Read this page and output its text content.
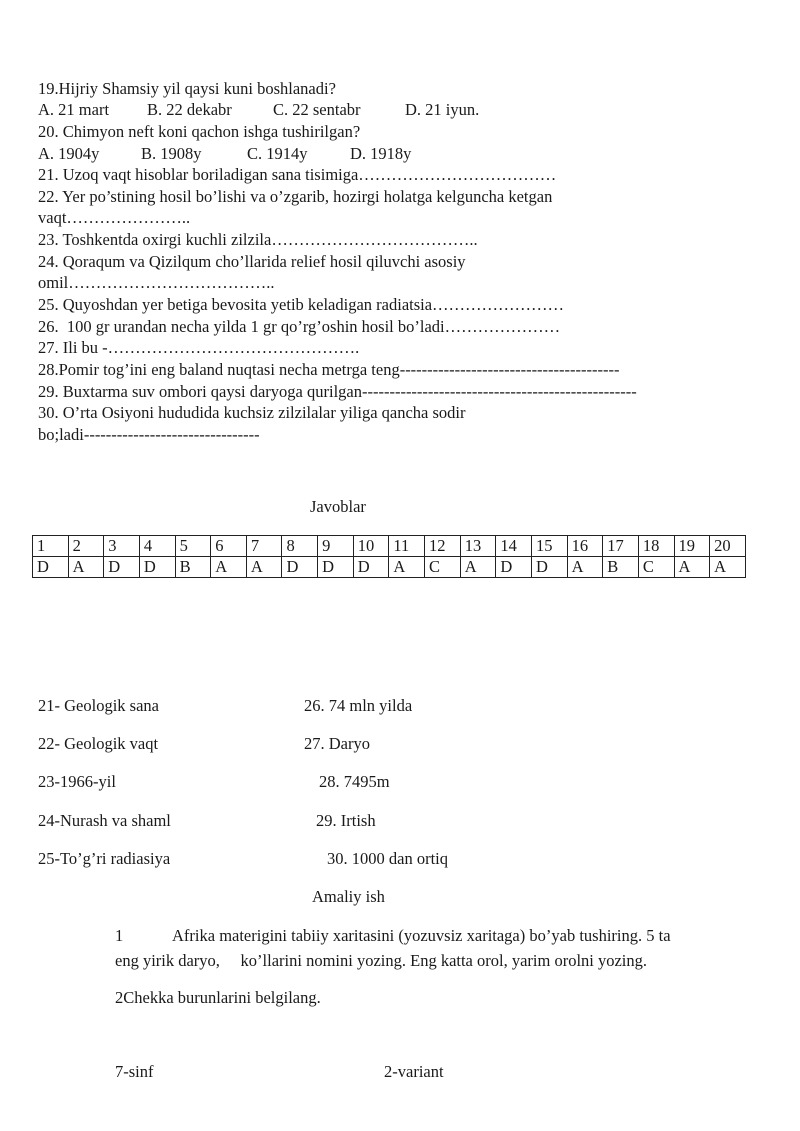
19.Hijriy Shamsiy yil qaysi kuni boshlanadi?
A. 21 mart B. 22 dekabr C. 22 sentabr	D. 21 iyun.
20. Chimyon neft koni qachon ishga tushirilgan?
A. 1904y	B. 1908y	C. 1914y	D. 1918y
21. Uzoq vaqt hisoblar boriladigan sana tisimiga………………………………
22. Yer po’stining hosil bo’lishi va o’zgarib, hozirgi holatga kelguncha ketgan
vaqt…………………..
23. Toshkentda oxirgi kuchli zilzila………………………………..
24. Qoraqum va Qizilqum cho’llarida relief hosil qiluvchi asosiy
omil………………………………..
25. Quyoshdan yer betiga bevosita yetib keladigan radiatsia……………………
26.  100 gr urandan necha yilda 1 gr qo’rg’oshin hosil bo’ladi…………………
27. Ili bu -……………………………………….
28.Pomir tog’ini eng baland nuqtasi necha metrga teng----------------------------------------
29. Buxtarma suv ombori qaysi daryoga qurilgan--------------------------------------------------
30. O’rta Osiyoni hududida kuchsiz zilzilalar yiliga qancha sodir
bo;ladi--------------------------------
Javoblar
1	2	3	4	5	6	7	8	9	10	11	12	13	14	15	16	17	18	19	20
D	A	D	D	B	A	A	D	D	D	A	C	A	D	D	A	B	C	A	A
21- Geologik sana
22- Geologik vaqt
23-1966-yil
24-Nurash va shaml
25-To’g’ri radiasiya
26. 74 mln yilda
27. Daryo
28. 7495m
29. Irtish
30. 1000 dan ortiq
Amaliy ish
1	Afrika materigini tabiiy xaritasini (yozuvsiz xaritaga) bo’yab tushiring. 5 ta
eng yirik daryo,     ko’llarini nomini yozing. Eng katta orol, yarim orolni yozing.
2Chekka burunlarini belgilang.
7-sinf	2-variant
